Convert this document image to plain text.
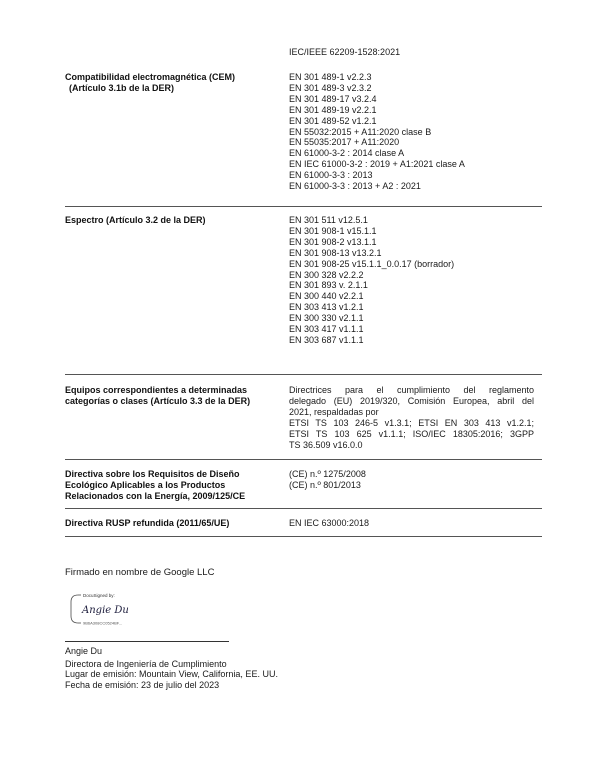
IEC/IEEE 62209-1528:2021
Compatibilidad electromagnética (CEM)
(Artículo 3.1b de la DER)
EN 301 489-1 v2.2.3
EN 301 489-3 v2.3.2
EN 301 489-17 v3.2.4
EN 301 489-19 v2.2.1
EN 301 489-52 v1.2.1
EN 55032:2015 + A11:2020 clase B
EN 55035:2017 + A11:2020
EN 61000-3-2 : 2014 clase A
EN IEC 61000-3-2 : 2019 + A1:2021 clase A
EN 61000-3-3 : 2013
EN 61000-3-3 : 2013 + A2 : 2021
Espectro (Artículo 3.2 de la DER)	EN 301 511 v12.5.1
EN 301 908-1 v15.1.1
EN 301 908-2 v13.1.1
EN 301 908-13 v13.2.1
EN 301 908-25 v15.1.1_0.0.17 (borrador)
EN 300 328 v2.2.2
EN 301 893 v. 2.1.1
EN 300 440 v2.2.1
EN 303 413 v1.2.1
EN 300 330 v2.1.1
EN 303 417 v1.1.1
EN 303 687 v1.1.1
Equipos correspondientes a determinadas
categorías o clases (Artículo 3.3 de la DER)
Directrices para el cumplimiento del reglamento
delegado (EU) 2019/320, Comisión Europea, abril del
2021, respaldadas por
ETSI TS 103 246-5 v1.3.1; ETSI EN 303 413 v1.2.1;
ETSI TS 103 625 v1.1.1; ISO/IEC 18305:2016; 3GPP
TS 36.509 v16.0.0
Directiva sobre los Requisitos de Diseño
Ecológico Aplicables a los Productos
Relacionados con la Energía, 2009/125/CE
(CE) n.º 1275/2008
(CE) n.º 801/2013
Directiva RUSP refundida (2011/65/UE)	EN IEC 63000:2018
Firmado en nombre de Google LLC
DocuSigned by:
Angie Du
9B6A308CC0524BF...
Angie Du
Directora de Ingeniería de Cumplimiento
Lugar de emisión: Mountain View, California, EE. UU.
Fecha de emisión: 23 de julio del 2023
